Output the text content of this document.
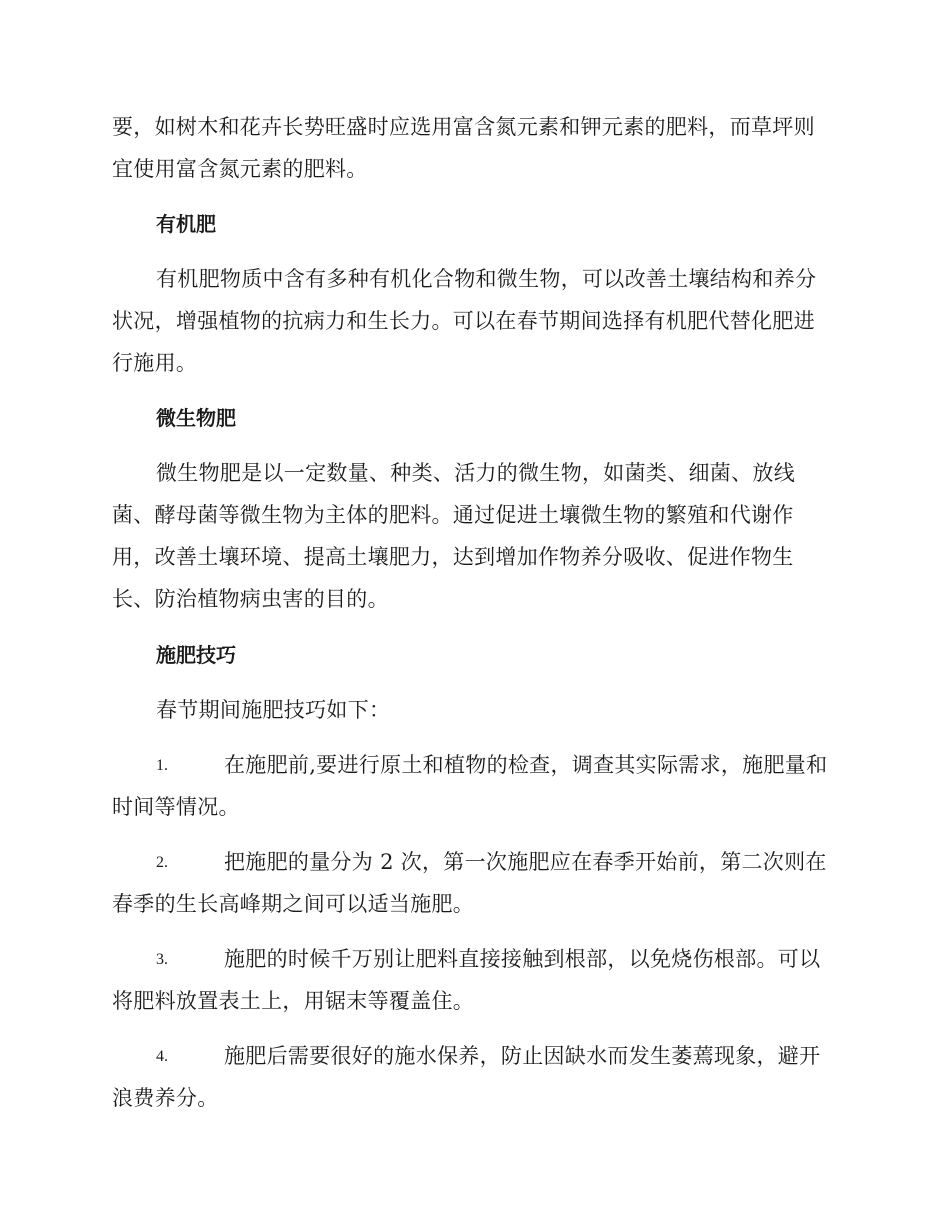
要，如树木和花卉长势旺盛时应选用富含氮元素和钾元素的肥料，而草坪则
宜使用富含氮元素的肥料。
有机肥
有机肥物质中含有多种有机化合物和微生物，可以改善土壤结构和养分
状况，增强植物的抗病力和生长力。可以在春节期间选择有机肥代替化肥进
行施用。
微生物肥
微生物肥是以一定数量、种类、活力的微生物，如菌类、细菌、放线
菌、酵母菌等微生物为主体的肥料。通过促进土壤微生物的繁殖和代谢作
用，改善土壤环境、提高土壤肥力，达到增加作物养分吸收、促进作物生
长、防治植物病虫害的目的。
施肥技巧
春节期间施肥技巧如下：
1.	在施肥前,要进行原土和植物的检查，调查其实际需求，施肥量和
时间等情况。
2.	把施肥的量分为 2 次，第一次施肥应在春季开始前，第二次则在
春季的生长高峰期之间可以适当施肥。
3.	施肥的时候千万别让肥料直接接触到根部，以免烧伤根部。可以
将肥料放置表土上，用锯末等覆盖住。
4.	施肥后需要很好的施水保养，防止因缺水而发生萎蔫现象，避开
浪费养分。
